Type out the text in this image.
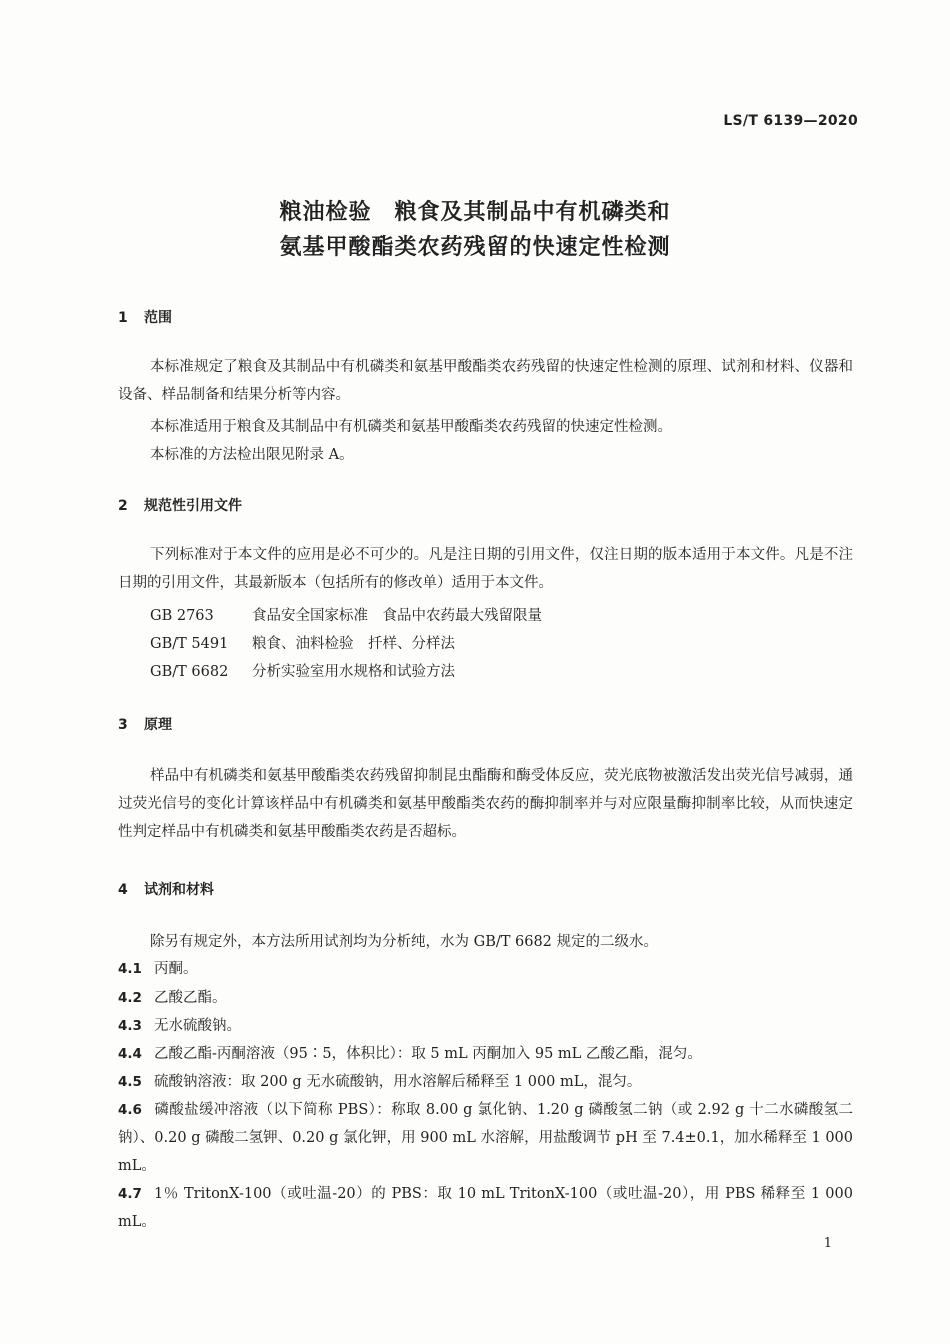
LS/T 6139—2020
粮油检验　粮食及其制品中有机磷类和
氨基甲酸酯类农药残留的快速定性检测
1 范围
本标准规定了粮食及其制品中有机磷类和氨基甲酸酯类农药残留的快速定性检测的原理、试剂和材料、仪器和设备、样品制备和结果分析等内容。
本标准适用于粮食及其制品中有机磷类和氨基甲酸酯类农药残留的快速定性检测。
本标准的方法检出限见附录 A。
2 规范性引用文件
下列标准对于本文件的应用是必不可少的。凡是注日期的引用文件，仅注日期的版本适用于本文件。凡是不注日期的引用文件，其最新版本（包括所有的修改单）适用于本文件。
GB 2763	食品安全国家标准　食品中农药最大残留限量
GB/T 5491 粮食、油料检验　扦样、分样法
GB/T 6682 分析实验室用水规格和试验方法
3 原理
样品中有机磷类和氨基甲酸酯类农药残留抑制昆虫酯酶和酶受体反应，荧光底物被激活发出荧光信号减弱，通过荧光信号的变化计算该样品中有机磷类和氨基甲酸酯类农药的酶抑制率并与对应限量酶抑制率比较，从而快速定性判定样品中有机磷类和氨基甲酸酯类农药是否超标。
4 试剂和材料
除另有规定外，本方法所用试剂均为分析纯，水为 GB/T 6682 规定的二级水。
4.1 丙酮。
4.2 乙酸乙酯。
4.3 无水硫酸钠。
4.4 乙酸乙酯-丙酮溶液（95∶5，体积比）：取 5 mL 丙酮加入 95 mL 乙酸乙酯，混匀。
4.5 硫酸钠溶液：取 200 g 无水硫酸钠，用水溶解后稀释至 1 000 mL，混匀。
4.6 磷酸盐缓冲溶液（以下简称 PBS）：称取 8.00 g 氯化钠、1.20 g 磷酸氢二钠（或 2.92 g 十二水磷酸氢二钠）、0.20 g 磷酸二氢钾、0.20 g 氯化钾，用 900 mL 水溶解，用盐酸调节 pH 至 7.4±0.1，加水稀释至 1 000 mL。
4.7 1％ TritonX-100（或吐温-20）的 PBS：取 10 mL TritonX-100（或吐温-20），用 PBS 稀释至 1 000 mL。
1
